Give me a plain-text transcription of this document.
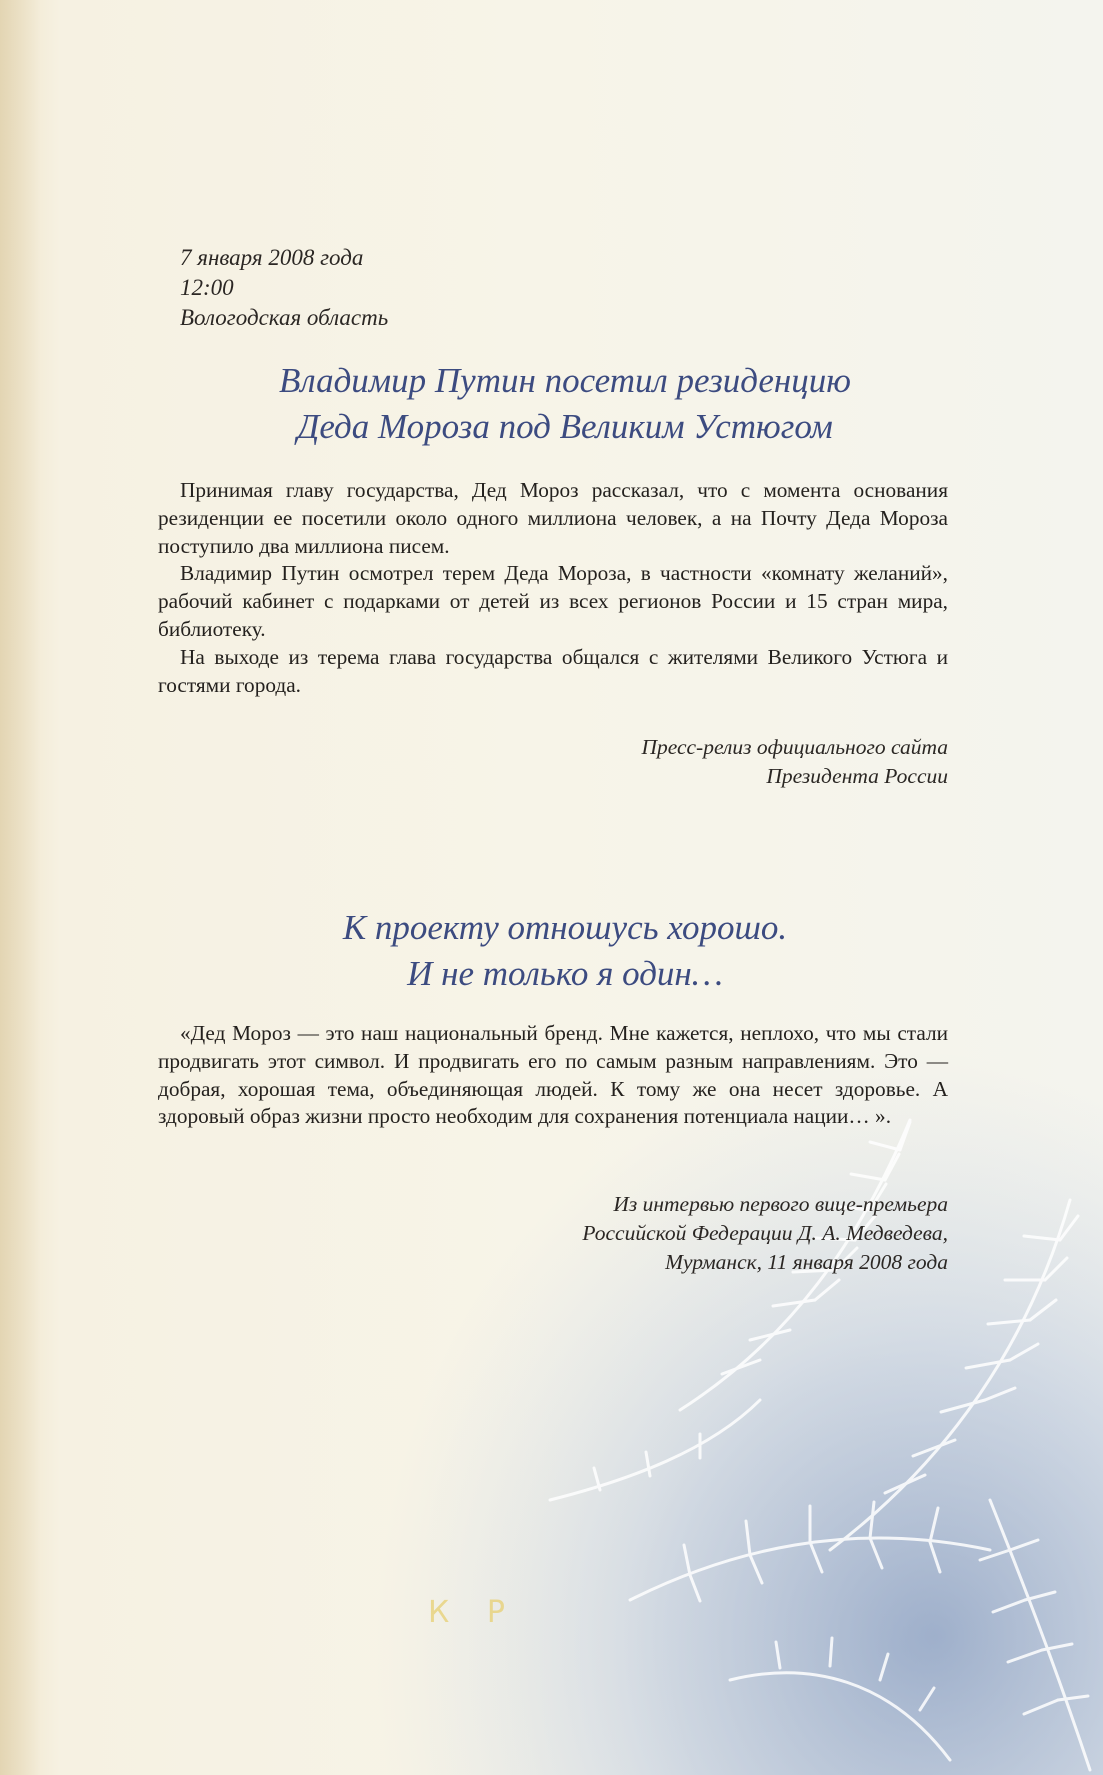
К Р
7 января 2008 года
12:00
Вологодская область
Владимир Путин посетил резиденцию
Деда Мороза под Великим Устюгом

Принимая главу государства, Дед Мороз рассказал, что с момента основания резиденции ее посетили около одного миллиона человек, а на Почту Деда Мороза поступило два миллиона писем.

Владимир Путин осмотрел терем Деда Мороза, в частности «комнату желаний», рабочий кабинет с подарками от детей из всех регионов России и 15 стран мира, библиотеку.

На выходе из терема глава государства общался с жителями Великого Устюга и гостями города.

Пресс-релиз официального сайта
Президента России
К проекту отношусь хорошо.
И не только я один…

«Дед Мороз — это наш национальный бренд. Мне кажется, неплохо, что мы стали продвигать этот символ. И продвигать его по самым разным направлениям. Это — добрая, хорошая тема, объединяющая людей. К тому же она несет здоровье. А здоровый образ жизни просто необходим для сохранения потенциала нации… ».

Из интервью первого вице-премьера
Российской Федерации Д. А. Медведева,
Мурманск, 11 января 2008 года
